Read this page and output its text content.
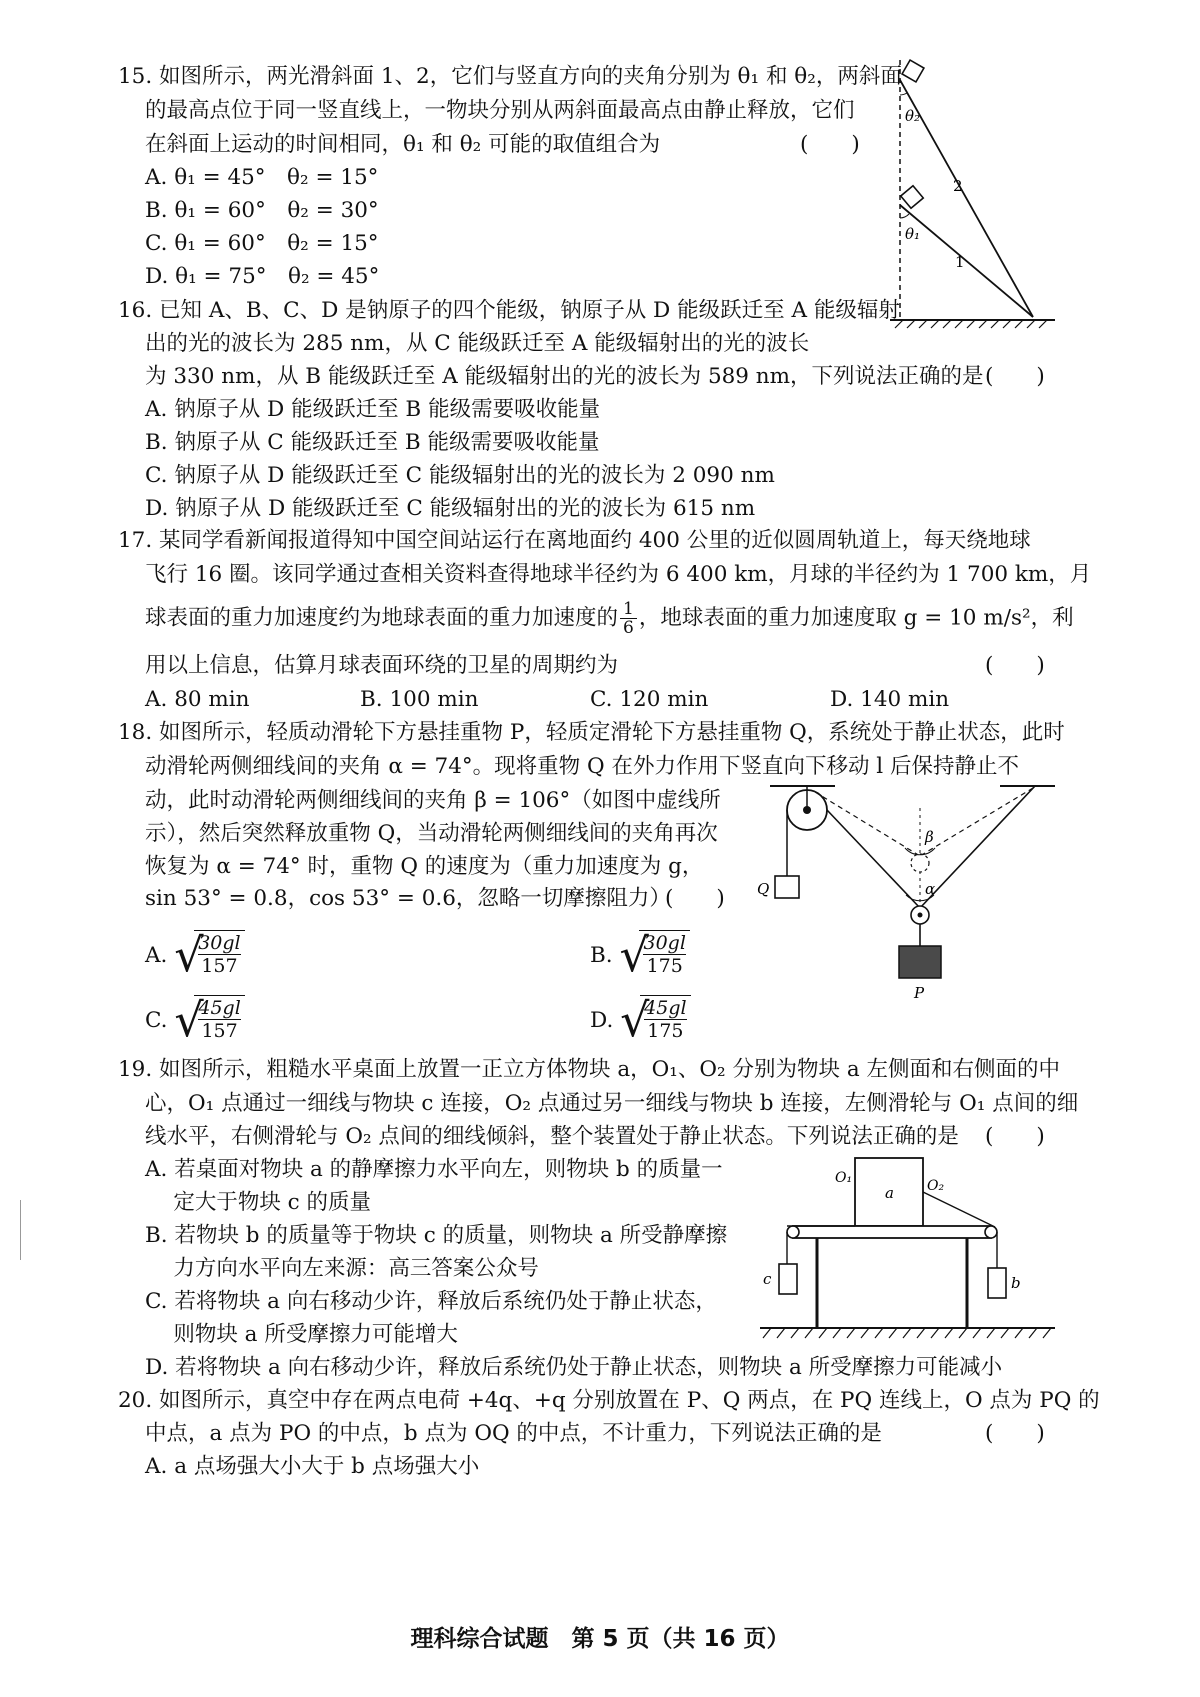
15. 如图所示，两光滑斜面 1、2，它们与竖直方向的夹角分别为 θ₁ 和 θ₂，两斜面
的最高点位于同一竖直线上，一物块分别从两斜面最高点由静止释放，它们
在斜面上运动的时间相同，θ₁ 和 θ₂ 可能的取值组合为	(　　)
A. θ₁ = 45°　θ₂ = 15°
B. θ₁ = 60°　θ₂ = 30°
C. θ₁ = 60°　θ₂ = 15°
D. θ₁ = 75°　θ₂ = 45°
θ₂
θ₁
2
1
16. 已知 A、B、C、D 是钠原子的四个能级，钠原子从 D 能级跃迁至 A 能级辐射
出的光的波长为 285 nm，从 C 能级跃迁至 A 能级辐射出的光的波长
为 330 nm，从 B 能级跃迁至 A 能级辐射出的光的波长为 589 nm，下列说法正确的是 (　　)
A. 钠原子从 D 能级跃迁至 B 能级需要吸收能量
B. 钠原子从 C 能级跃迁至 B 能级需要吸收能量
C. 钠原子从 D 能级跃迁至 C 能级辐射出的光的波长为 2 090 nm
D. 钠原子从 D 能级跃迁至 C 能级辐射出的光的波长为 615 nm
17. 某同学看新闻报道得知中国空间站运行在离地面约 400 公里的近似圆周轨道上，每天绕地球
飞行 16 圈。该同学通过查相关资料查得地球半径约为 6 400 km，月球的半径约为 1 700 km，月
球表面的重力加速度约为地球表面的重力加速度的 $\frac{1}{6}$ ，地球表面的重力加速度取 g = 10 m/s²，利
用以上信息，估算月球表面环绕的卫星的周期约为	(　　)
A. 80 min	B. 100 min	C. 120 min	D. 140 min
18. 如图所示，轻质动滑轮下方悬挂重物 P，轻质定滑轮下方悬挂重物 Q，系统处于静止状态，此时
动滑轮两侧细线间的夹角 α = 74°。现将重物 Q 在外力作用下竖直向下移动 l 后保持静止不
动，此时动滑轮两侧细线间的夹角 β = 106°（如图中虚线所
示），然后突然释放重物 Q，当动滑轮两侧细线间的夹角再次
恢复为 α = 74° 时，重物 Q 的速度为（重力加速度为 g，
sin 53° = 0.8，cos 53° = 0.6，忽略一切摩擦阻力）
(　　)
A. √
$\frac{30gl}{157}$	B. √
$\frac{30gl}{175}$
C. √
$\frac{45gl}{157}$	D. √
$\frac{45gl}{175}$
Q
β
α
P
19. 如图所示，粗糙水平桌面上放置一正立方体物块 a，O₁、O₂ 分别为物块 a 左侧面和右侧面的中
心，O₁ 点通过一细线与物块 c 连接，O₂ 点通过另一细线与物块 b 连接，左侧滑轮与 O₁ 点间的细
线水平，右侧滑轮与 O₂ 点间的细线倾斜，整个装置处于静止状态。下列说法正确的是 (　　)
A. 若桌面对物块 a 的静摩擦力水平向左，则物块 b 的质量一
　 定大于物块 c 的质量
B. 若物块 b 的质量等于物块 c 的质量，则物块 a 所受静摩擦
　 力方向水平向左来源：高三答案公众号
C. 若将物块 a 向右移动少许，释放后系统仍处于静止状态，
　 则物块 a 所受摩擦力可能增大
D. 若将物块 a 向右移动少许，释放后系统仍处于静止状态，则物块 a 所受摩擦力可能减小
a
O₁	O₂
c	b
20. 如图所示，真空中存在两点电荷 +4q、+q 分别放置在 P、Q 两点，在 PQ 连线上，O 点为 PQ 的
中点，a 点为 PO 的中点，b 点为 OQ 的中点，不计重力，下列说法正确的是	(　　)
A. a 点场强大小大于 b 点场强大小
理科综合试题　第 5 页（共 16 页）
